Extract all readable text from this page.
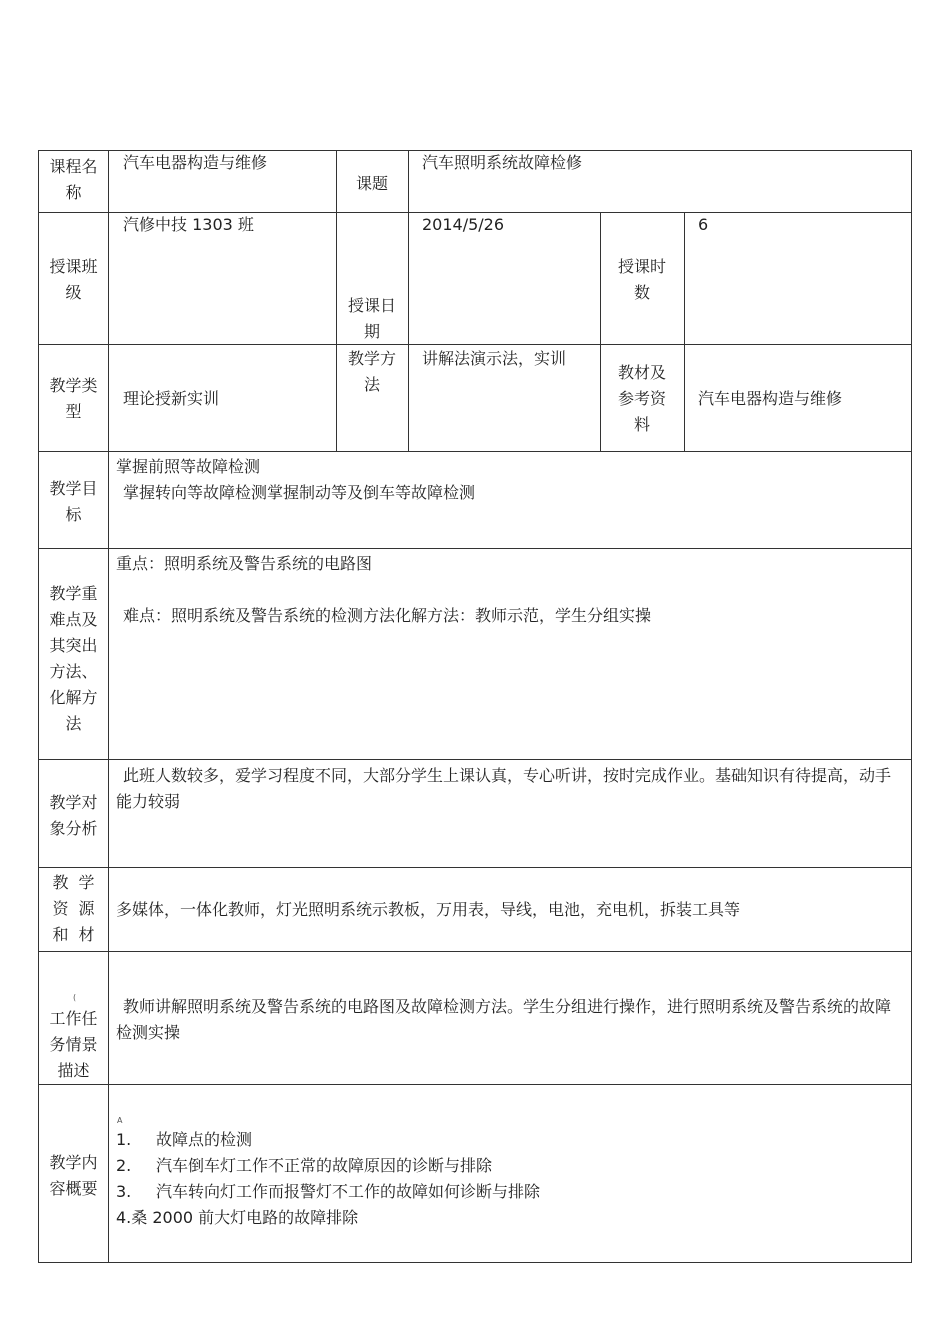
课程名
称
汽车电器构造与维修
课题
汽车照明系统故障检修
授课班
级
汽修中技 1303 班
授课日
期
2014/5/26
授课时
数
6
教学类
型
理论授新实训
教学方
法
讲解法演示法，实训
教材及
参考资
料
汽车电器构造与维修
教学目
标
掌握前照等故障检测
掌握转向等故障检测掌握制动等及倒车等故障检测
教学重
难点及
其突出
方法、
化解方
法
重点：照明系统及警告系统的电路图
难点：照明系统及警告系统的检测方法化解方法：教师示范，学生分组实操
教学对
象分析
此班人数较多，爱学习程度不同，大部分学生上课认真，专心听讲，按时完成作业。基础知识有待提高，动手能力较弱
教学
资源
和材
多媒体，一体化教师，灯光照明系统示教板，万用表，导线，电池，充电机，拆装工具等
(
工作任
务情景
描述
教师讲解照明系统及警告系统的电路图及故障检测方法。学生分组进行操作，进行照明系统及警告系统的故障检测实操
教学内
容概要
A
1. 故障点的检测
2. 汽车倒车灯工作不正常的故障原因的诊断与排除
3. 汽车转向灯工作而报警灯不工作的故障如何诊断与排除
4.桑 2000 前大灯电路的故障排除
